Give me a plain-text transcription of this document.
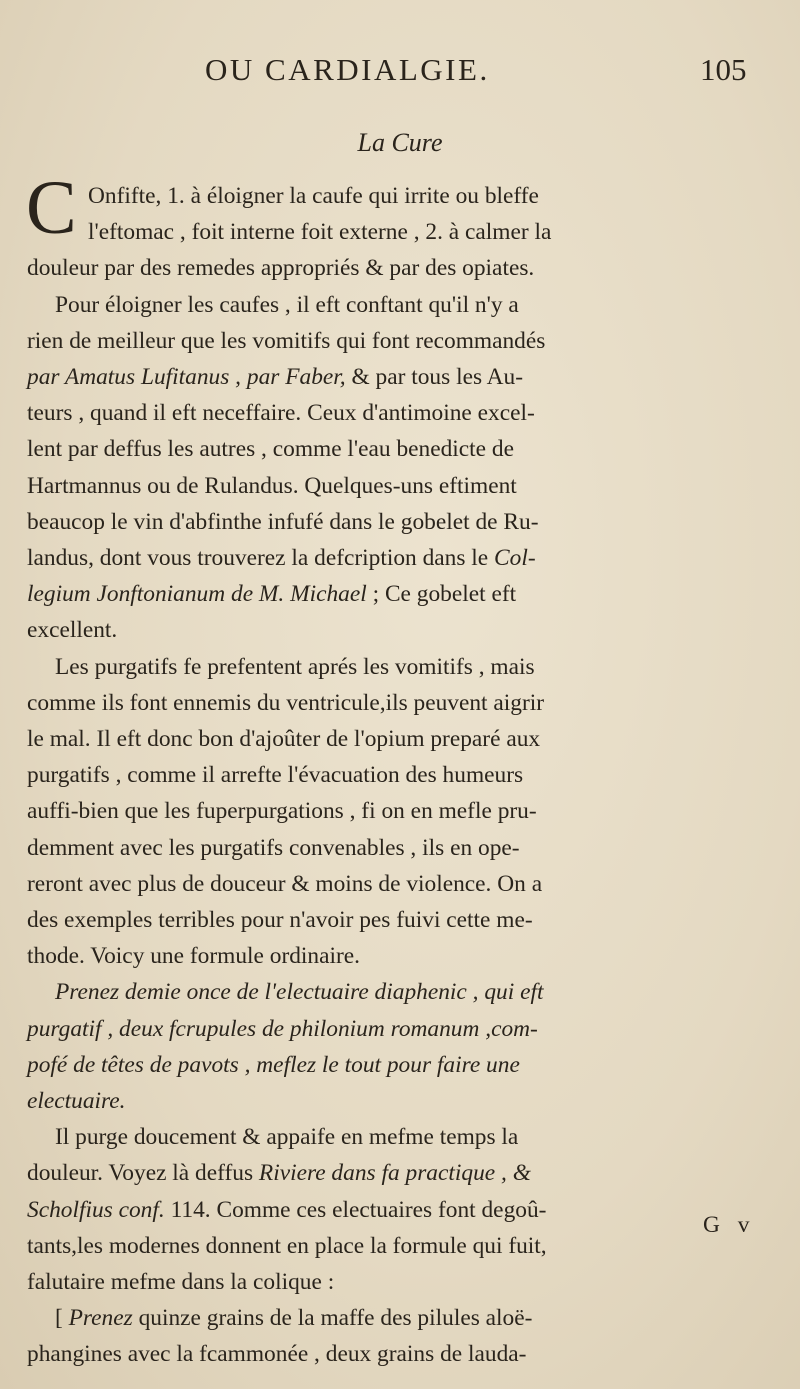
OU CARDIALGIE.	105
La Cure
Onfifte, 1. à éloigner la caufe qui irrite ou bleffe
l'eftomac , foit interne foit externe , 2. à calmer la
douleur par des remedes appropriés & par des opiates.
Pour éloigner les caufes , il eft conftant qu'il n'y a
rien de meilleur que les vomitifs qui font recommandés
par Amatus Lufitanus , par Faber, & par tous les Au-
teurs , quand il eft neceffaire. Ceux d'antimoine excel-
lent par deffus les autres , comme l'eau benedicte de
Hartmannus ou de Rulandus. Quelques-uns eftiment
beaucop le vin d'abfinthe infufé dans le gobelet de Ru-
landus, dont vous trouverez la defcription dans le Col-
legium Jonftonianum de M. Michael ; Ce gobelet eft
excellent.
Les purgatifs fe prefentent aprés les vomitifs , mais
comme ils font ennemis du ventricule,ils peuvent aigrir
le mal. Il eft donc bon d'ajoûter de l'opium preparé aux
purgatifs , comme il arrefte l'évacuation des humeurs
auffi-bien que les fuperpurgations , fi on en mefle pru-
demment avec les purgatifs convenables , ils en ope-
reront avec plus de douceur & moins de violence. On a
des exemples terribles pour n'avoir pes fuivi cette me-
thode. Voicy une formule ordinaire.
Prenez demie once de l'electuaire diaphenic , qui eft
purgatif , deux fcrupules de philonium romanum ,com-
pofé de têtes de pavots , meflez le tout pour faire une
electuaire.
Il purge doucement & appaife en mefme temps la
douleur. Voyez là deffus Riviere dans fa practique , &
Scholfius conf. 114. Comme ces electuaires font degoû-
tants,les modernes donnent en place la formule qui fuit,
falutaire mefme dans la colique :
[ Prenez quinze grains de la maffe des pilules aloë-
phangines avec la fcammonée , deux grains de lauda-
C
G v
